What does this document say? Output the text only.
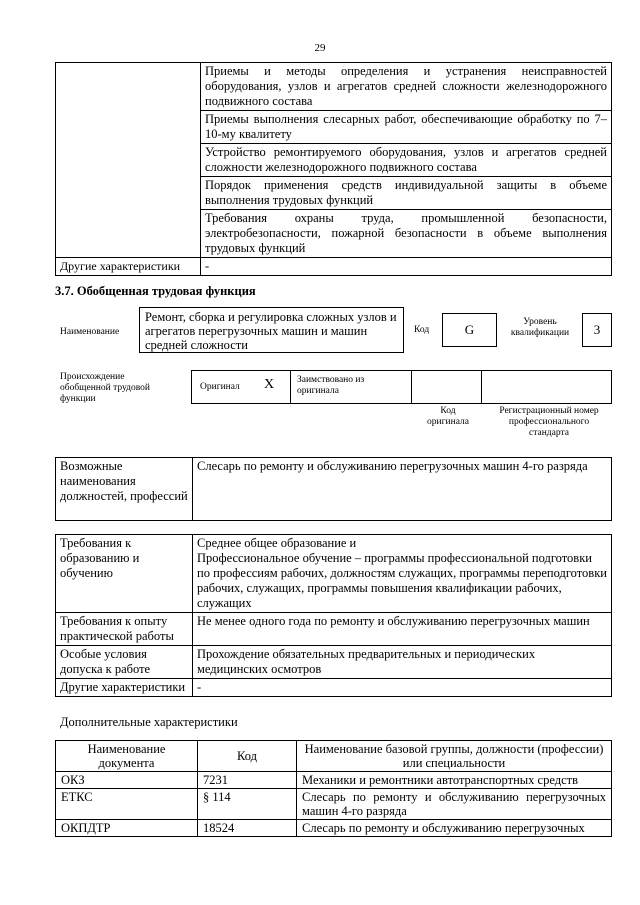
29
	Приемы и методы определения и устранения неисправностей оборудования, узлов и агрегатов средней сложности железнодорожного подвижного состава
	Приемы выполнения слесарных работ, обеспечивающие обработку по 7–10-му квалитету
	Устройство ремонтируемого оборудования, узлов и агрегатов средней сложности железнодорожного подвижного состава
	Порядок применения средств индивидуальной защиты в объеме выполнения трудовых функций
	Требования охраны труда, промышленной безопасности, электробезопасности, пожарной безопасности в объеме выполнения трудовых функций
Другие характеристики	-
3.7. Обобщенная трудовая функция
Наименование
Ремонт, сборка и регулировка сложных узлов и агрегатов перегрузочных машин и машин средней сложности
Код	G	Уровень квалификации	3
Происхождение обобщенной трудовой функции
Оригинал X Заимствовано из оригинала
Код оригинала
Регистрационный номер профессионального стандарта
Возможные наименования должностей, профессий	Слесарь по ремонту и обслуживанию перегрузочных машин 4-го разряда
Требования к образованию и обучению	Среднее общее образование и
Профессиональное обучение – программы профессиональной подготовки по профессиям рабочих, должностям служащих, программы переподготовки рабочих, служащих, программы повышения квалификации рабочих, служащих
Требования к опыту практической работы	Не менее одного года по ремонту и обслуживанию перегрузочных машин
Особые условия допуска к работе	Прохождение обязательных предварительных и периодических медицинских осмотров
Другие характеристики	-
Дополнительные характеристики
Наименование документа	Код	Наименование базовой группы, должности (профессии) или специальности
ОКЗ	7231	Механики и ремонтники автотранспортных средств
ЕТКС	§ 114	Слесарь по ремонту и обслуживанию перегрузочных машин 4-го разряда
ОКПДТР	18524	Слесарь по ремонту и обслуживанию перегрузочных
